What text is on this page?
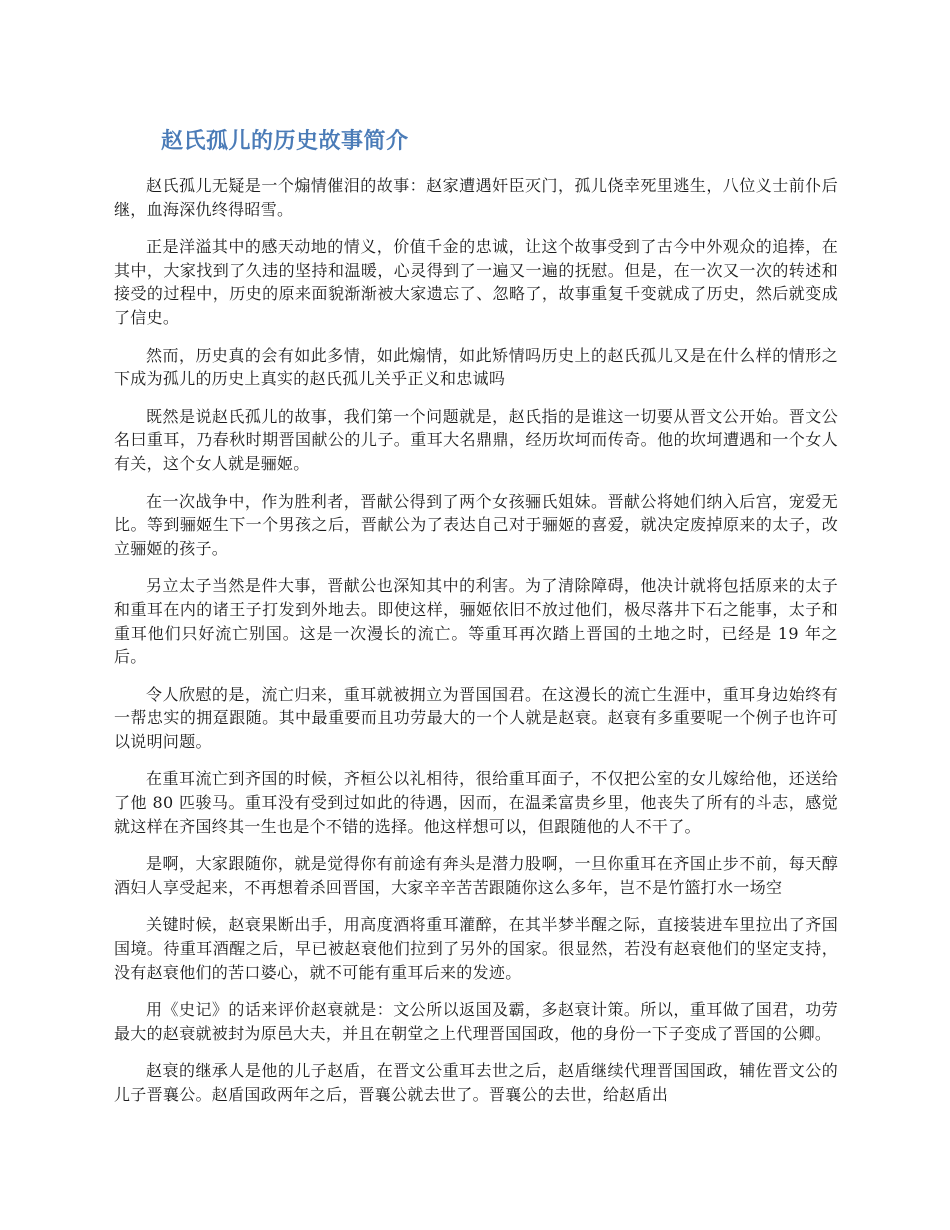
赵氏孤儿的历史故事简介

赵氏孤儿无疑是一个煽情催泪的故事：赵家遭遇奸臣灭门，孤儿侥幸死里逃生，八位义士前仆后继，血海深仇终得昭雪。

正是洋溢其中的感天动地的情义，价值千金的忠诚，让这个故事受到了古今中外观众的追捧，在其中，大家找到了久违的坚持和温暖，心灵得到了一遍又一遍的抚慰。但是，在一次又一次的转述和接受的过程中，历史的原来面貌渐渐被大家遗忘了、忽略了，故事重复千变就成了历史，然后就变成了信史。

然而，历史真的会有如此多情，如此煽情，如此矫情吗历史上的赵氏孤儿又是在什么样的情形之下成为孤儿的历史上真实的赵氏孤儿关乎正义和忠诚吗

既然是说赵氏孤儿的故事，我们第一个问题就是，赵氏指的是谁这一切要从晋文公开始。晋文公名曰重耳，乃春秋时期晋国献公的儿子。重耳大名鼎鼎，经历坎坷而传奇。他的坎坷遭遇和一个女人有关，这个女人就是骊姬。

在一次战争中，作为胜利者，晋献公得到了两个女孩骊氏姐妹。晋献公将她们纳入后宫，宠爱无比。等到骊姬生下一个男孩之后，晋献公为了表达自己对于骊姬的喜爱，就决定废掉原来的太子，改立骊姬的孩子。

另立太子当然是件大事，晋献公也深知其中的利害。为了清除障碍，他决计就将包括原来的太子和重耳在内的诸王子打发到外地去。即使这样，骊姬依旧不放过他们，极尽落井下石之能事，太子和重耳他们只好流亡别国。这是一次漫长的流亡。等重耳再次踏上晋国的土地之时，已经是 19 年之后。

令人欣慰的是，流亡归来，重耳就被拥立为晋国国君。在这漫长的流亡生涯中，重耳身边始终有一帮忠实的拥趸跟随。其中最重要而且功劳最大的一个人就是赵衰。赵衰有多重要呢一个例子也许可以说明问题。

在重耳流亡到齐国的时候，齐桓公以礼相待，很给重耳面子，不仅把公室的女儿嫁给他，还送给了他 80 匹骏马。重耳没有受到过如此的待遇，因而，在温柔富贵乡里，他丧失了所有的斗志，感觉就这样在齐国终其一生也是个不错的选择。他这样想可以，但跟随他的人不干了。

是啊，大家跟随你，就是觉得你有前途有奔头是潜力股啊，一旦你重耳在齐国止步不前，每天醇酒妇人享受起来，不再想着杀回晋国，大家辛辛苦苦跟随你这么多年，岂不是竹篮打水一场空

关键时候，赵衰果断出手，用高度酒将重耳灌醉，在其半梦半醒之际，直接装进车里拉出了齐国国境。待重耳酒醒之后，早已被赵衰他们拉到了另外的国家。很显然，若没有赵衰他们的坚定支持，没有赵衰他们的苦口婆心，就不可能有重耳后来的发迹。

用《史记》的话来评价赵衰就是：文公所以返国及霸，多赵衰计策。所以，重耳做了国君，功劳最大的赵衰就被封为原邑大夫，并且在朝堂之上代理晋国国政，他的身份一下子变成了晋国的公卿。

赵衰的继承人是他的儿子赵盾，在晋文公重耳去世之后，赵盾继续代理晋国国政，辅佐晋文公的儿子晋襄公。赵盾国政两年之后，晋襄公就去世了。晋襄公的去世，给赵盾出
